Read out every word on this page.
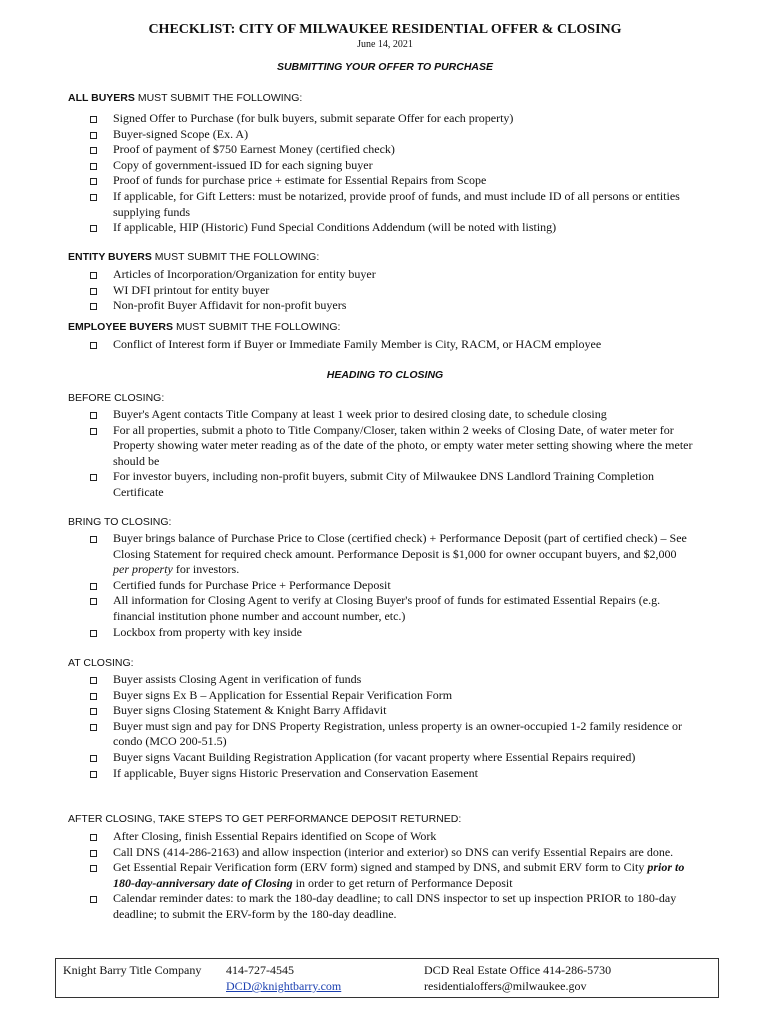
CHECKLIST: CITY OF MILWAUKEE RESIDENTIAL OFFER & CLOSING
June 14, 2021
SUBMITTING YOUR OFFER TO PURCHASE
ALL BUYERS MUST SUBMIT THE FOLLOWING:
Signed Offer to Purchase (for bulk buyers, submit separate Offer for each property)
Buyer-signed Scope (Ex. A)
Proof of payment of $750 Earnest Money (certified check)
Copy of government-issued ID for each signing buyer
Proof of funds for purchase price + estimate for Essential Repairs from Scope
If applicable, for Gift Letters: must be notarized, provide proof of funds, and must include ID of all persons or entities supplying funds
If applicable, HIP (Historic) Fund Special Conditions Addendum (will be noted with listing)
ENTITY BUYERS MUST SUBMIT THE FOLLOWING:
Articles of Incorporation/Organization for entity buyer
WI DFI printout for entity buyer
Non-profit Buyer Affidavit for non-profit buyers
EMPLOYEE BUYERS MUST SUBMIT THE FOLLOWING:
Conflict of Interest form if Buyer or Immediate Family Member is City, RACM, or HACM employee
HEADING TO CLOSING
BEFORE CLOSING:
Buyer's Agent contacts Title Company at least 1 week prior to desired closing date, to schedule closing
For all properties, submit a photo to Title Company/Closer, taken within 2 weeks of Closing Date, of water meter for Property showing water meter reading as of the date of the photo, or empty water meter setting showing where the meter should be
For investor buyers, including non-profit buyers, submit City of Milwaukee DNS Landlord Training Completion Certificate
BRING TO CLOSING:
Buyer brings balance of Purchase Price to Close (certified check) + Performance Deposit (part of certified check) – See Closing Statement for required check amount. Performance Deposit is $1,000 for owner occupant buyers, and $2,000 per property for investors.
Certified funds for Purchase Price + Performance Deposit
All information for Closing Agent to verify at Closing Buyer's proof of funds for estimated Essential Repairs (e.g. financial institution phone number and account number, etc.)
Lockbox from property with key inside
AT CLOSING:
Buyer assists Closing Agent in verification of funds
Buyer signs Ex B – Application for Essential Repair Verification Form
Buyer signs Closing Statement & Knight Barry Affidavit
Buyer must sign and pay for DNS Property Registration, unless property is an owner-occupied 1-2 family residence or condo (MCO 200-51.5)
Buyer signs Vacant Building Registration Application (for vacant property where Essential Repairs required)
If applicable, Buyer signs Historic Preservation and Conservation Easement
AFTER CLOSING, TAKE STEPS TO GET PERFORMANCE DEPOSIT RETURNED:
After Closing, finish Essential Repairs identified on Scope of Work
Call DNS (414-286-2163) and allow inspection (interior and exterior) so DNS can verify Essential Repairs are done.
Get Essential Repair Verification form (ERV form) signed and stamped by DNS, and submit ERV form to City prior to 180-day-anniversary date of Closing in order to get return of Performance Deposit
Calendar reminder dates: to mark the 180-day deadline; to call DNS inspector to set up inspection PRIOR to 180-day deadline; to submit the ERV-form by the 180-day deadline.
Knight Barry Title Company 414-727-4545
DCD@knightbarry.com
DCD Real Estate Office 414-286-5730
residentialoffers@milwaukee.gov
